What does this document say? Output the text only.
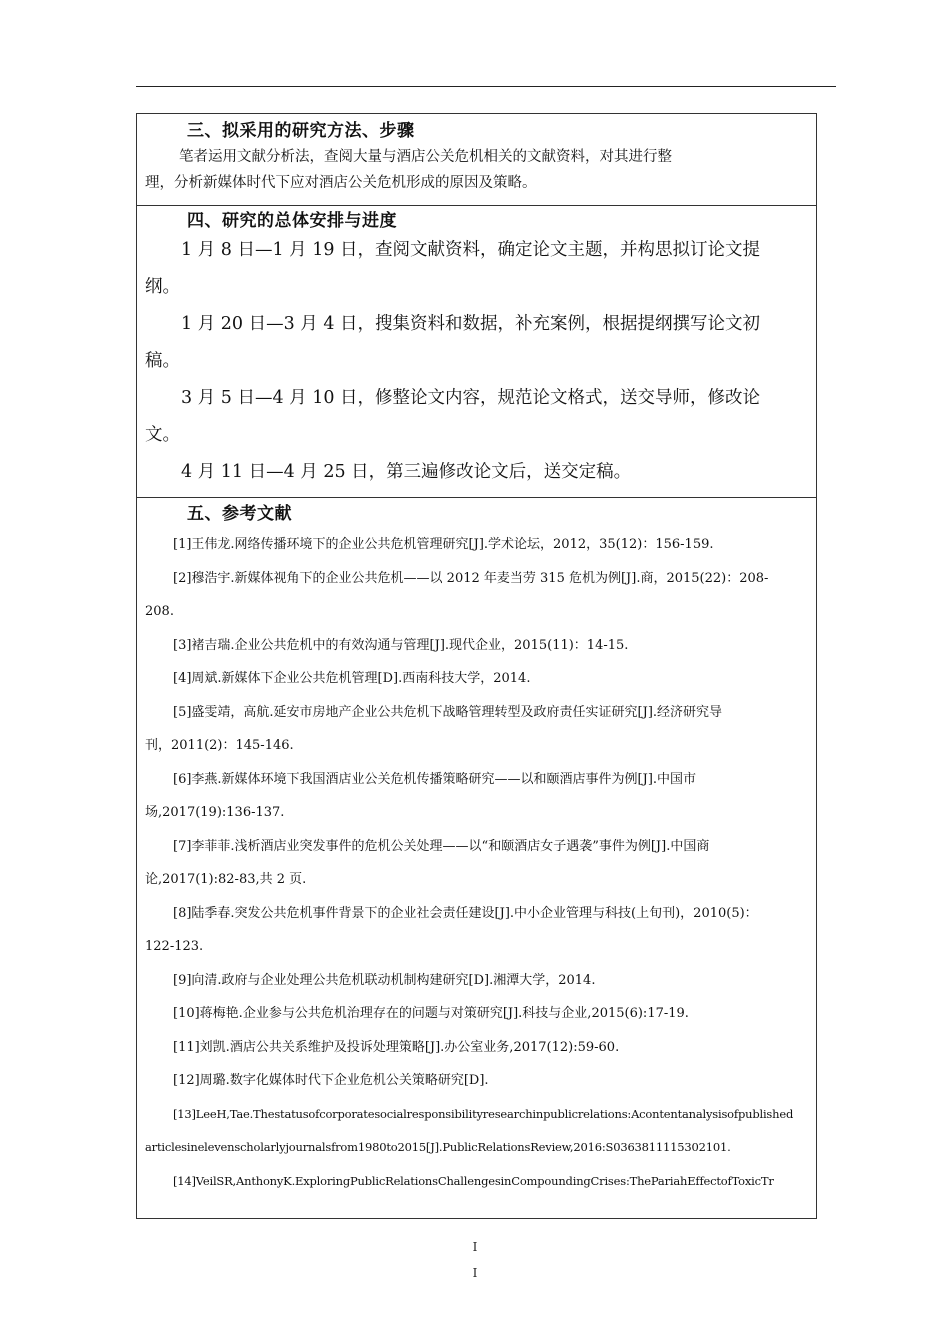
三、拟采用的研究方法、步骤
笔者运用文献分析法，查阅大量与酒店公关危机相关的文献资料，对其进行整
理，分析新媒体时代下应对酒店公关危机形成的原因及策略。
四、研究的总体安排与进度
1 月 8 日—1 月 19 日，查阅文献资料，确定论文主题，并构思拟订论文提
纲。
1 月 20 日—3 月 4 日，搜集资料和数据，补充案例，根据提纲撰写论文初
稿。
3 月 5 日—4 月 10 日，修整论文内容，规范论文格式，送交导师，修改论
文。
4 月 11 日—4 月 25 日，第三遍修改论文后，送交定稿。
五、参考文献
[1]王伟龙.网络传播环境下的企业公共危机管理研究[J].学术论坛，2012，35(12)：156-159.
[2]穆浩宇.新媒体视角下的企业公共危机——以 2012 年麦当劳 315 危机为例[J].商，2015(22)：208-
208.
[3]褚吉瑞.企业公共危机中的有效沟通与管理[J].现代企业，2015(11)：14-15.
[4]周斌.新媒体下企业公共危机管理[D].西南科技大学，2014.
[5]盛雯靖，高航.延安市房地产企业公共危机下战略管理转型及政府责任实证研究[J].经济研究导
刊，2011(2)：145-146.
[6]李燕.新媒体环境下我国酒店业公关危机传播策略研究——以和颐酒店事件为例[J].中国市
场,2017(19):136-137.
[7]李菲菲.浅析酒店业突发事件的危机公关处理——以“和颐酒店女子遇袭”事件为例[J].中国商
论,2017(1):82-83,共 2 页.
[8]陆季春.突发公共危机事件背景下的企业社会责任建设[J].中小企业管理与科技(上旬刊)，2010(5)：
122-123.
[9]向清.政府与企业处理公共危机联动机制构建研究[D].湘潭大学，2014.
[10]蒋梅艳.企业参与公共危机治理存在的问题与对策研究[J].科技与企业,2015(6):17-19.
[11]刘凯.酒店公共关系维护及投诉处理策略[J].办公室业务,2017(12):59-60.
[12]周璐.数字化媒体时代下企业危机公关策略研究[D].
[13]LeeH,Tae.Thestatusofcorporatesocialresponsibilityresearchinpublicrelations:Acontentanalysisofpublished
articlesinelevenscholarlyjournalsfrom1980to2015[J].PublicRelationsReview,2016:S0363811115302101.
[14]VeilSR,AnthonyK.ExploringPublicRelationsChallengesinCompoundingCrises:ThePariahEffectofToxicTr
I
I
